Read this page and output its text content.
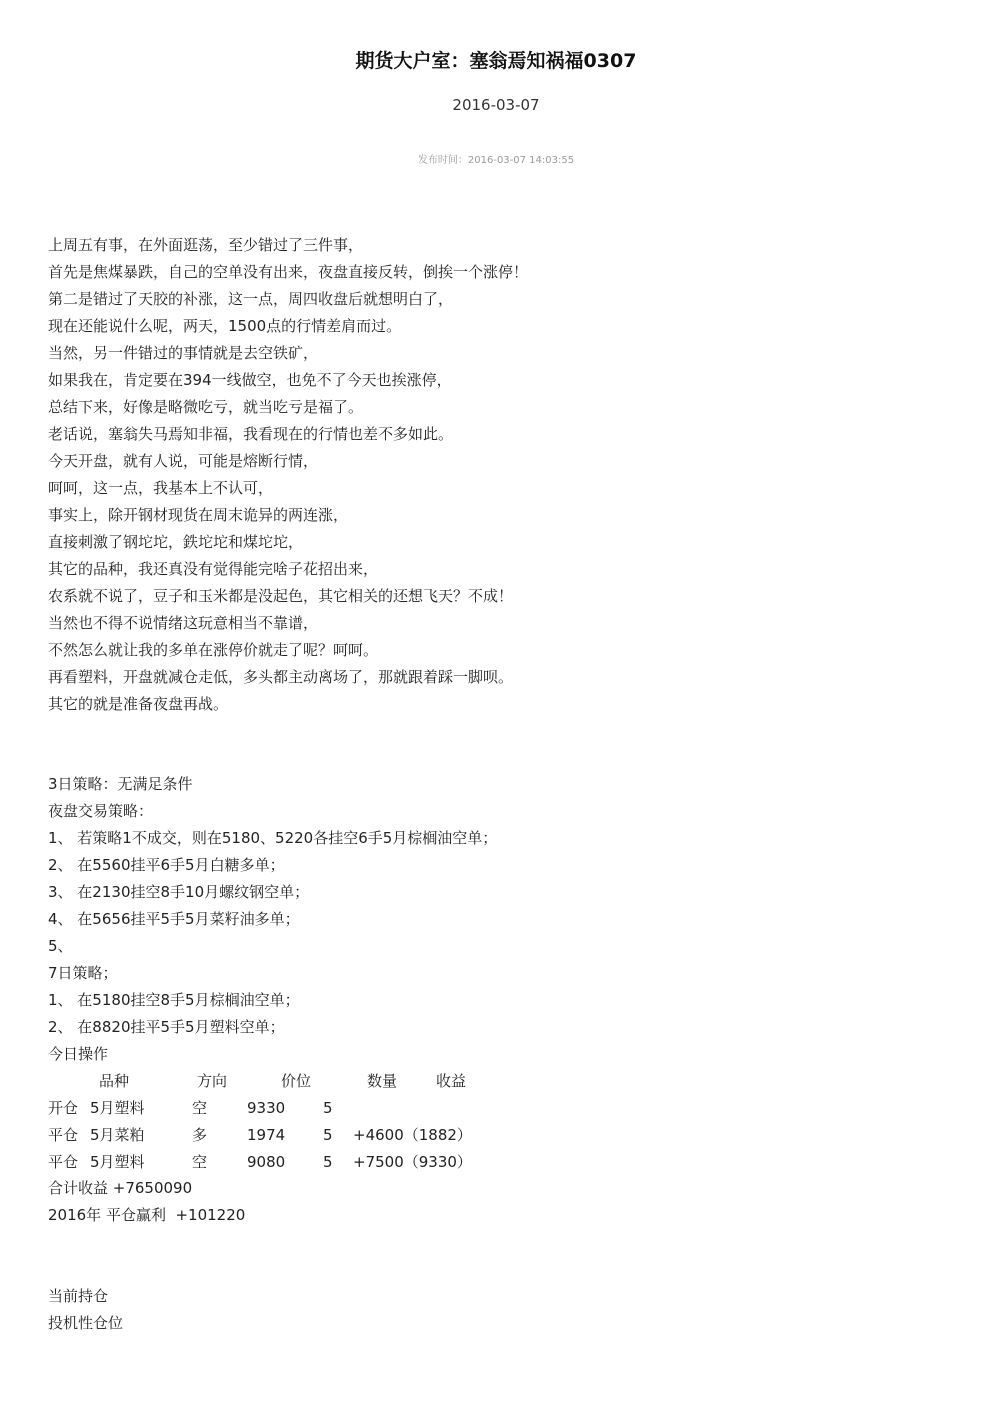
期货大户室：塞翁焉知祸福0307
2016-03-07
发布时间：2016-03-07 14:03:55
上周五有事，在外面逛荡，至少错过了三件事，
首先是焦煤暴跌，自己的空单没有出来，夜盘直接反转，倒挨一个涨停！
第二是错过了天胶的补涨，这一点，周四收盘后就想明白了，
现在还能说什么呢，两天，1500点的行情差肩而过。
当然，另一件错过的事情就是去空铁矿，
如果我在，肯定要在394一线做空，也免不了今天也挨涨停，
总结下来，好像是略微吃亏，就当吃亏是福了。
老话说，塞翁失马焉知非福，我看现在的行情也差不多如此。
今天开盘，就有人说，可能是熔断行情，
呵呵，这一点，我基本上不认可，
事实上，除开钢材现货在周末诡异的两连涨，
直接刺激了钢坨坨，鉄坨坨和煤坨坨，
其它的品种，我还真没有觉得能完啥子花招出来，
农系就不说了，豆子和玉米都是没起色，其它相关的还想飞天？不成！
当然也不得不说情绪这玩意相当不靠谱，
不然怎么就让我的多单在涨停价就走了呢？呵呵。
再看塑料，开盘就减仓走低，多头都主动离场了，那就跟着踩一脚呗。
其它的就是准备夜盘再战。
3日策略：无满足条件
夜盘交易策略：
1、 若策略1不成交，则在5180、5220各挂空6手5月棕榈油空单；
2、 在5560挂平6手5月白糖多单；
3、 在2130挂空8手10月螺纹钢空单；
4、 在5656挂平5手5月菜籽油多单；
5、
7日策略；
1、 在5180挂空8手5月棕榈油空单；
2、 在8820挂平5手5月塑料空单；
今日操作
品种	方向	价位	数量	收益
开仓 5月塑料	空	9330	5
平仓 5月菜粕	多	1974	5 +4600（1882）
平仓 5月塑料	空	9080	5 +7500（9330）
合计收益 +7650090
2016年 平仓赢利  +101220
当前持仓
投机性仓位
